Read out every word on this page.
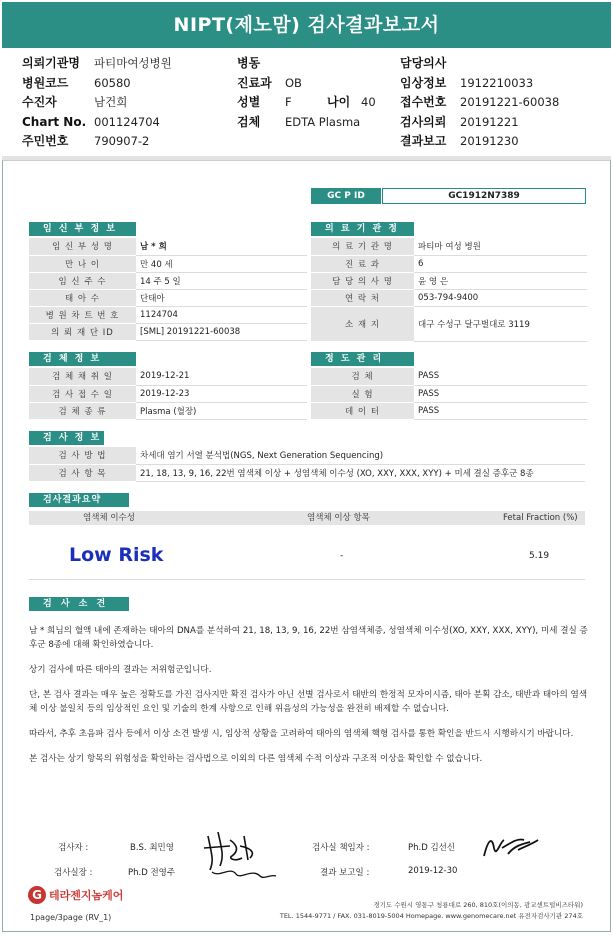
NIPT(제노맘) 검사결과보고서
의뢰기관명	파티마여성병원
병원코드	60580
수진자	남건희
Chart No. 001124704
주민번호	790907-2
병동
진료과	OB
성별	F	나이 40
검체	EDTA Plasma
담당의사
임상정보	1912210033
접수번호	20191221-60038
검사의뢰	20191221
결과보고	20191230
GC P ID	GC1912N7389
임 신 부 정 보
임 신 부 성 명	남 * 희
만 나 이	만 40 세
임 신 주 수	14 주 5 일
태 아 수	단태아
병 원 차 트 번 호	1124704
의 뢰 재 단 ID	[SML] 20191221-60038
의 료 기 관 정
의 료 기 관 명	파티마 여성 병원
진 료 과	6
담 당 의 사 명	윤 영 은
연 락 처	053-794-9400
소 재 지	대구 수성구 달구벌대로 3119
검 체 정 보
검 체 채 취 일	2019-12-21
검 사 접 수 일	2019-12-23
검 체 종 류	Plasma (혈장)
정 도 관 리
검 체	PASS
실 험	PASS
데 이 터	PASS
검 사 정 보
검 사 방 법	차세대 염기 서열 분석법(NGS, Next Generation Sequencing)
검 사 항 목	21, 18, 13, 9, 16, 22번 염색체 이상 + 성염색체 이수성 (XO, XXY, XXX, XYY) + 미세 결실 증후군 8종
검사결과요약
염색체 이수성	염색체 이상 항목	Fetal Fraction (%)
Low Risk	-	5.19
검 사 소 견

남 * 희님의 혈액 내에 존재하는 태아의 DNA를 분석하여 21, 18, 13, 9, 16, 22번 삼염색체증, 성염색체 이수성(XO, XXY, XXX, XYY), 미세 결실 증후군 8종에 대해 확인하였습니다.

상기 검사에 따른 태아의 결과는 저위험군입니다.

단, 본 검사 결과는 매우 높은 정확도를 가진 검사지만 확진 검사가 아닌 선별 검사로서 태반의 한정적 모자이시즘, 태아 분획 감소, 태반과 태아의 염색체 이상 불일치 등의 임상적인 요인 및 기술의 한계 사항으로 인해 위음성의 가능성을 완전히 배제할 수 없습니다.

따라서, 추후 초음파 검사 등에서 이상 소견 발생 시, 임상적 상황을 고려하여 태아의 염색체 핵형 검사를 통한 확인을 반드시 시행하시기 바랍니다.

본 검사는 상기 항목의 위험성을 확인하는 검사법으로 이외의 다른 염색체 수적 이상과 구조적 이상을 확인할 수 없습니다.

검사자 :	B.S. 최민영
검사실장 :	Ph.D 전영주
검사실 책임자 :	Ph.D 김선신
결과 보고일 :	2019-12-30
G 테라젠지놈케어
1page/3page (RV_1)
경기도 수원시 영통구 청룡대로 260, 810호(이의동, 광교센트럴비즈타워)
TEL. 1544-9771 / FAX. 031-8019-5004 Homepage. www.genomecare.net 유전자검사기관 274호
